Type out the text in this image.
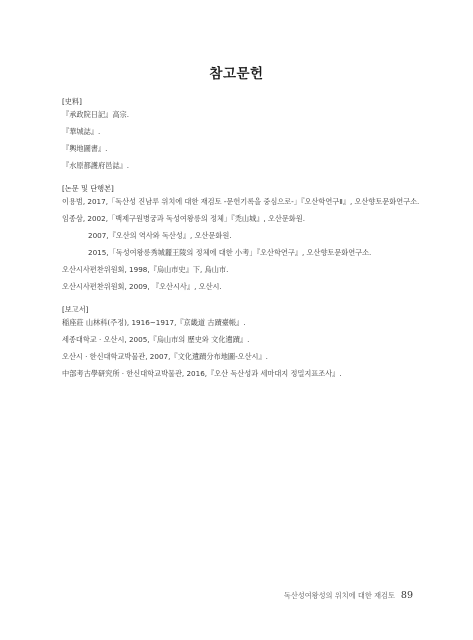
참고문헌
[史料]
『承政院日記』高宗.
『華城誌』.
『輿地圖書』.
『水原都護府邑誌』.
[논문 및 단행본]
이용범, 2017,「독산성 진남루 위치에 대한 재검토 -문헌기록을 중심으로-」『오산학연구Ⅱ』, 오산향토문화연구소.
임종삼, 2002,「백제구원병궁과 독성여왕릉의 정체」『禿山城』, 오산문화원.
2007,『오산의 역사와 독산성』, 오산문화원.
2015,「독성여왕릉秀城麗王陵의 정체에 대한 小考」『오산학연구』, 오산향토문화연구소.
오산시사편찬위원회, 1998,『烏山市史』下, 烏山市.
오산시사편찬위원회, 2009, 『오산시사』, 오산시.
[보고서]
稲座莊 山林科(주정), 1916~1917,『京畿道 古蹟臺帳』.
세종대학교 · 오산시, 2005,『烏山市의 歷史와 文化遺蹟』.
오산시 · 한신대학교박물관, 2007,『文化遺蹟分布地圖-오산시』.
中部考古學研究所 · 한신대학교박물관, 2016,『오산 독산성과 세마대지 정밀지표조사』.
독산성여왕성의 위치에 대한 재검토 89
